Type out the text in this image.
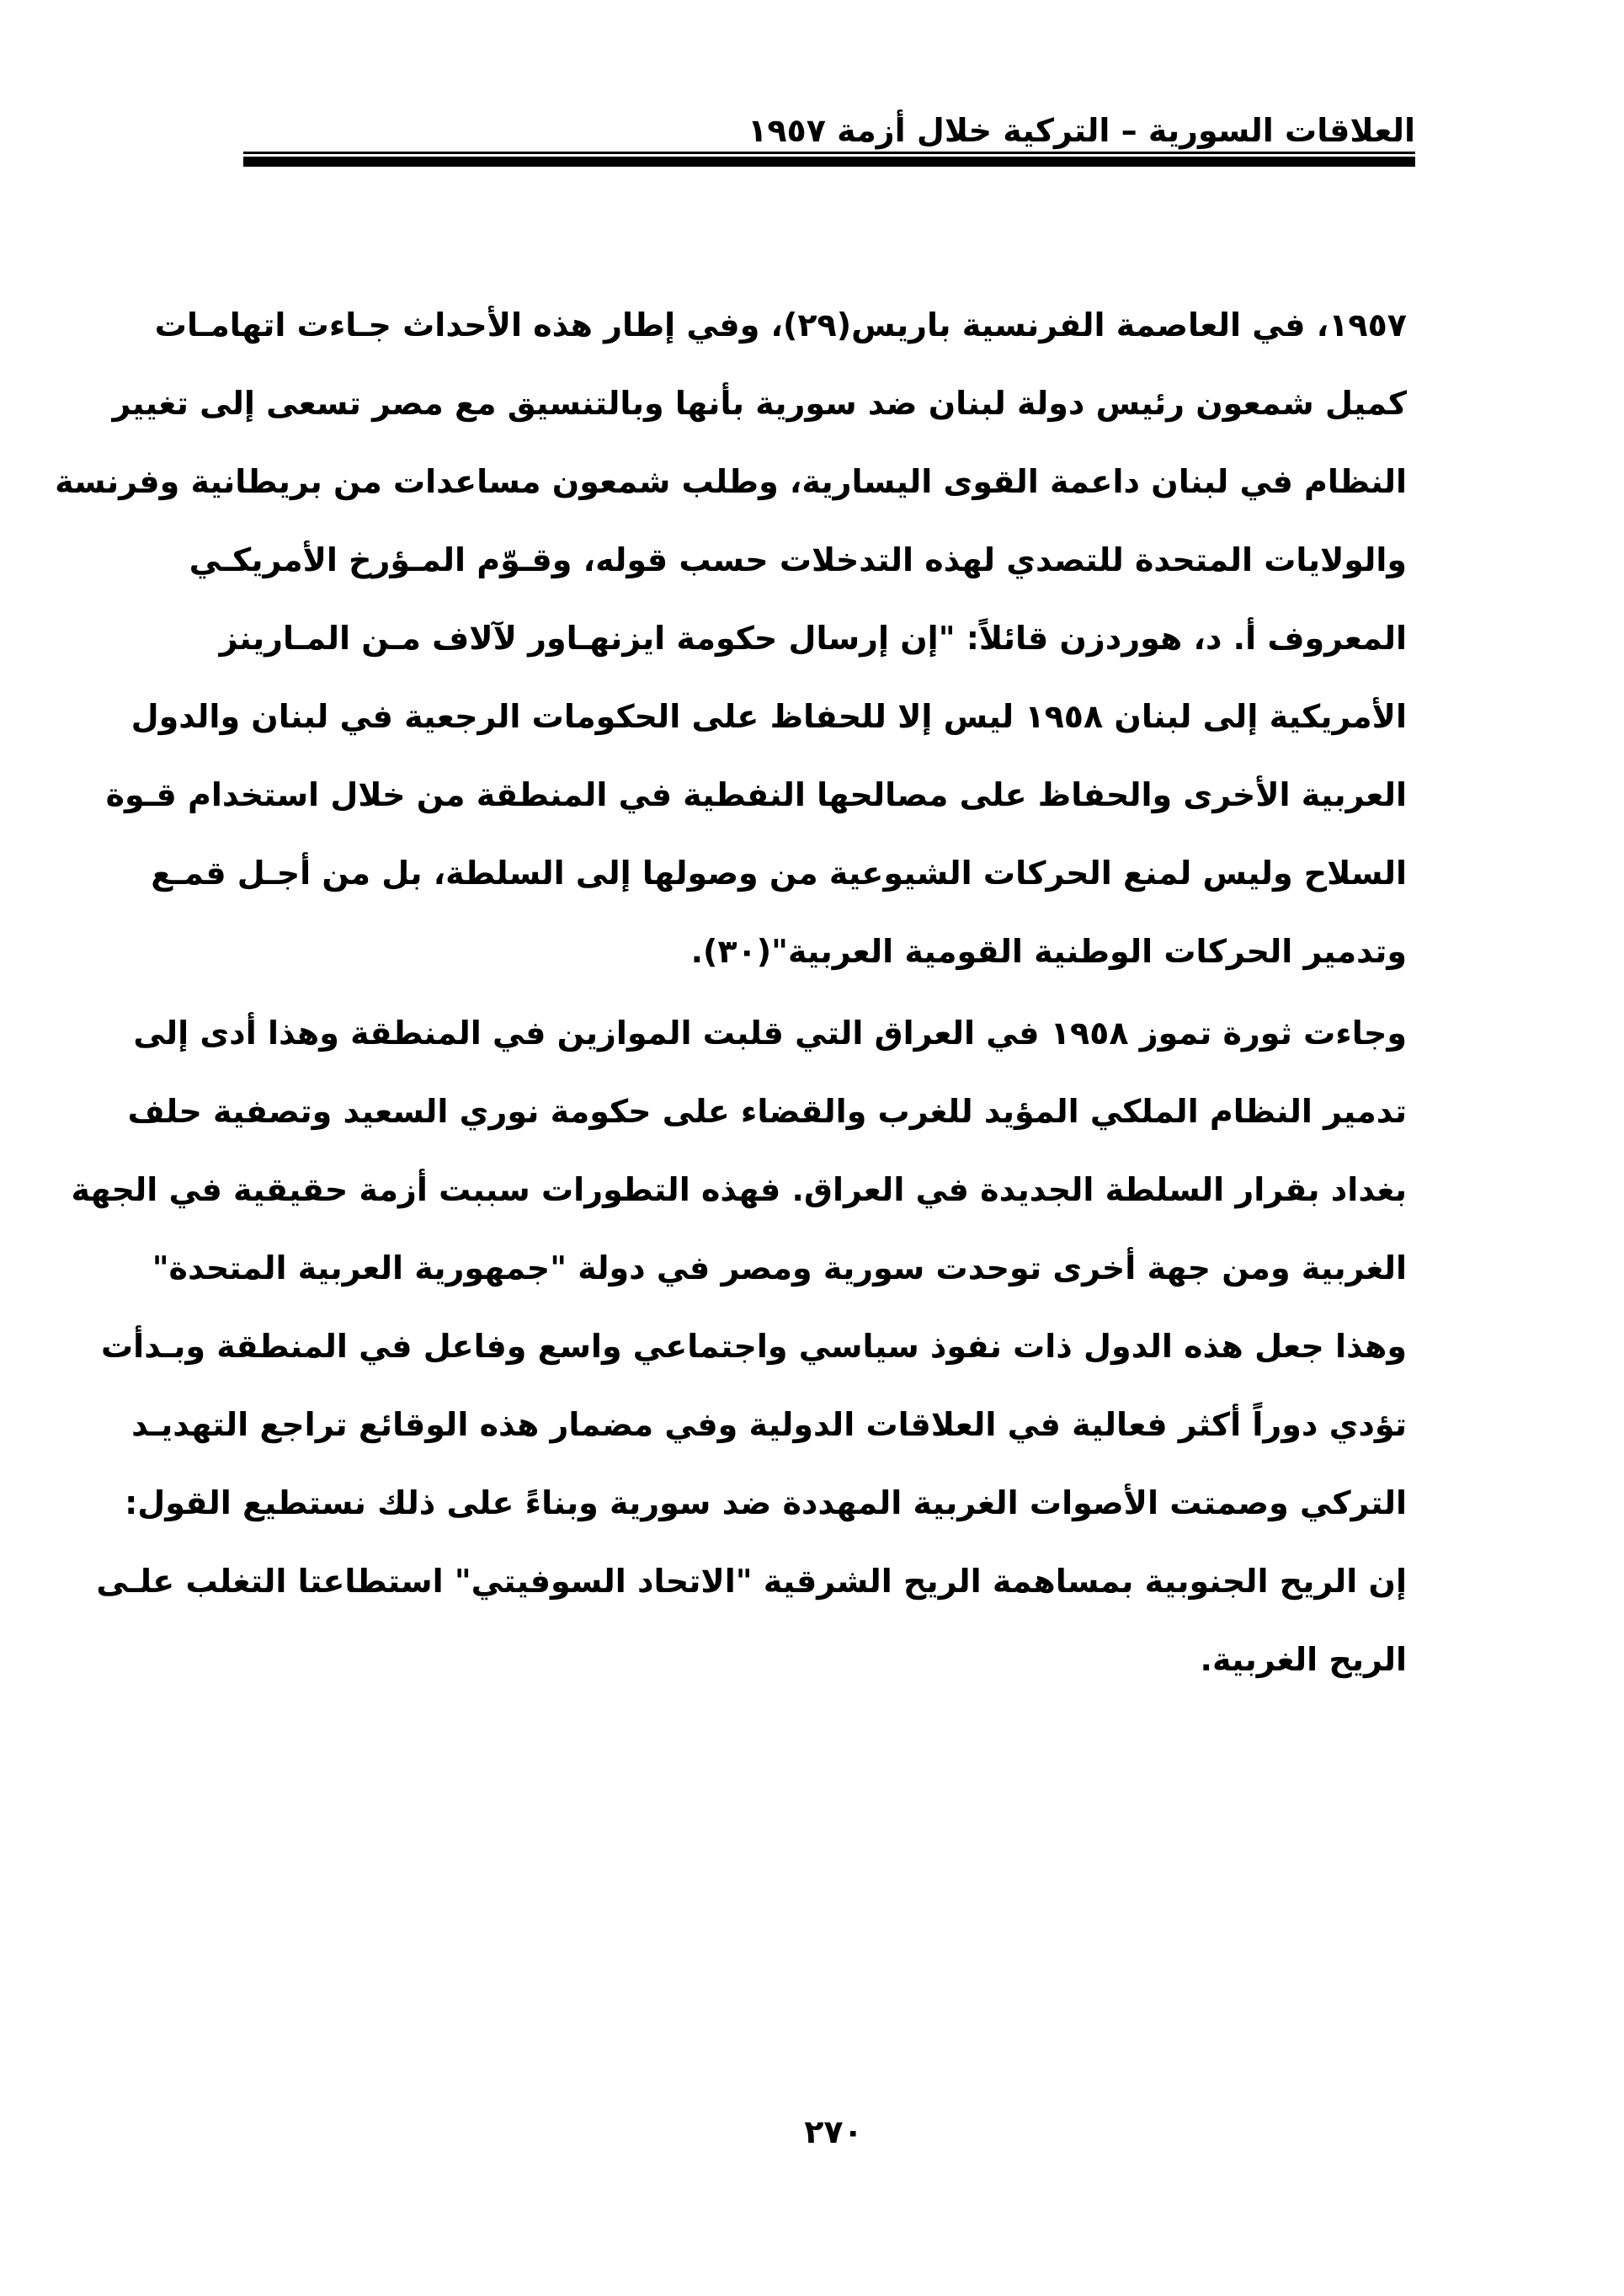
العلاقات السورية – التركية خلال أزمة ١٩٥٧
١٩٥٧، في العاصمة الفرنسية باريس(٢٩)، وفي إطار هذه الأحداث جـاءت اتهامـات
كميل شمعون رئيس دولة لبنان ضد سورية بأنها وبالتنسيق مع مصر تسعى إلى تغيير
النظام في لبنان داعمة القوى اليسارية، وطلب شمعون مساعدات من بريطانية وفرنسة
والولايات المتحدة للتصدي لهذه التدخلات حسب قوله، وقـوّم المـؤرخ الأمريكـي
المعروف أ. د، هوردزن قائلاً: "إن إرسال حكومة ايزنهـاور لآلاف مـن المـارينز
الأمريكية إلى لبنان ١٩٥٨ ليس إلا للحفاظ على الحكومات الرجعية في لبنان والدول
العربية الأخرى والحفاظ على مصالحها النفطية في المنطقة من خلال استخدام قـوة
السلاح وليس لمنع الحركات الشيوعية من وصولها إلى السلطة، بل من أجـل قمـع
وتدمير الحركات الوطنية القومية العربية"(٣٠).
وجاءت ثورة تموز ١٩٥٨ في العراق التي قلبت الموازين في المنطقة وهذا أدى إلى
تدمير النظام الملكي المؤيد للغرب والقضاء على حكومة نوري السعيد وتصفية حلف
بغداد بقرار السلطة الجديدة في العراق. فهذه التطورات سببت أزمة حقيقية في الجهة
الغربية ومن جهة أخرى توحدت سورية ومصر في دولة "جمهورية العربية المتحدة"
وهذا جعل هذه الدول ذات نفوذ سياسي واجتماعي واسع وفاعل في المنطقة وبـدأت
تؤدي دوراً أكثر فعالية في العلاقات الدولية وفي مضمار هذه الوقائع تراجع التهديـد
التركي وصمتت الأصوات الغربية المهددة ضد سورية وبناءً على ذلك نستطيع القول:
إن الريح الجنوبية بمساهمة الريح الشرقية "الاتحاد السوفيتي" استطاعتا التغلب علـى
الريح الغربية.
٢٧٠
